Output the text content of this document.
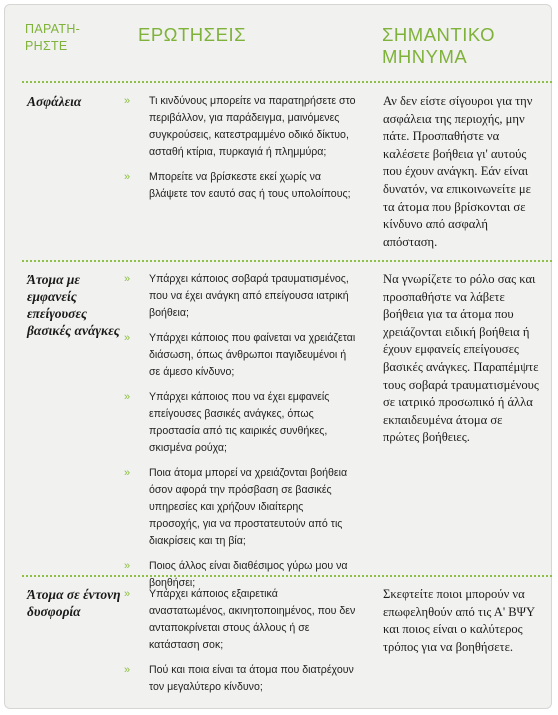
ΠΑΡΑΤΗ-
ΡΗΣΤΕ
ΕΡΩΤΗΣΕΙΣ	ΣΗΜΑΝΤΙΚΟ
ΜΗΝΥΜΑ
Ασφάλεια	» Τι κινδύνους μπορείτε να παρατηρήσετε στο περιβάλλον, για παράδειγμα, μαινόμενες συγκρούσεις, κατεστραμμένο οδικό δίκτυο, ασταθή κτίρια, πυρκαγιά ή πλημμύρα;
» Μπορείτε να βρίσκεστε εκεί χωρίς να βλάψετε τον εαυτό σας ή τους υπολοίπους;
Αν δεν είστε σίγουροι για την ασφάλεια της περιοχής, μην πάτε. Προσπαθήστε να καλέσετε βοήθεια γι' αυτούς που έχουν ανάγκη. Εάν είναι δυνατόν, να επικοινωνείτε με τα άτομα που βρίσκονται σε κίνδυνο από ασφαλή απόσταση.
Άτομα με εμφανείς επείγουσες βασικές ανάγκες
» Υπάρχει κάποιος σοβαρά τραυματισμένος, που να έχει ανάγκη από επείγουσα ιατρική βοήθεια;
» Υπάρχει κάποιος που φαίνεται να χρειάζεται διάσωση, όπως άνθρωποι παγιδευμένοι ή σε άμεσο κίνδυνο;
» Υπάρχει κάποιος που να έχει εμφανείς επείγουσες βασικές ανάγκες, όπως προστασία από τις καιρικές συνθήκες, σκισμένα ρούχα;
» Ποια άτομα μπορεί να χρειάζονται βοήθεια όσον αφορά την πρόσβαση σε βασικές υπηρεσίες και χρήζουν ιδιαίτερης προσοχής, για να προστατευτούν από τις διακρίσεις και τη βία;
» Ποιος άλλος είναι διαθέσιμος γύρω μου να βοηθήσει;
Να γνωρίζετε το ρόλο σας και προσπαθήστε να λάβετε βοήθεια για τα άτομα που χρειάζονται ειδική βοήθεια ή έχουν εμφανείς επείγουσες βασικές ανάγκες. Παραπέμψτε τους σοβαρά τραυματισμένους σε ιατρικό προσωπικό ή άλλα εκπαιδευμένα άτομα σε πρώτες βοήθειες.
Άτομα σε έντονη δυσφορία
» Υπάρχει κάποιος εξαιρετικά αναστατωμένος, ακινητοποιημένος, που δεν ανταποκρίνεται στους άλλους ή σε κατάσταση σοκ;
» Πού και ποια είναι τα άτομα που διατρέχουν τον μεγαλύτερο κίνδυνο;
Σκεφτείτε ποιοι μπορούν να επωφεληθούν από τις Α' ΒΨΥ και ποιος είναι ο καλύτερος τρόπος για να βοηθήσετε.
